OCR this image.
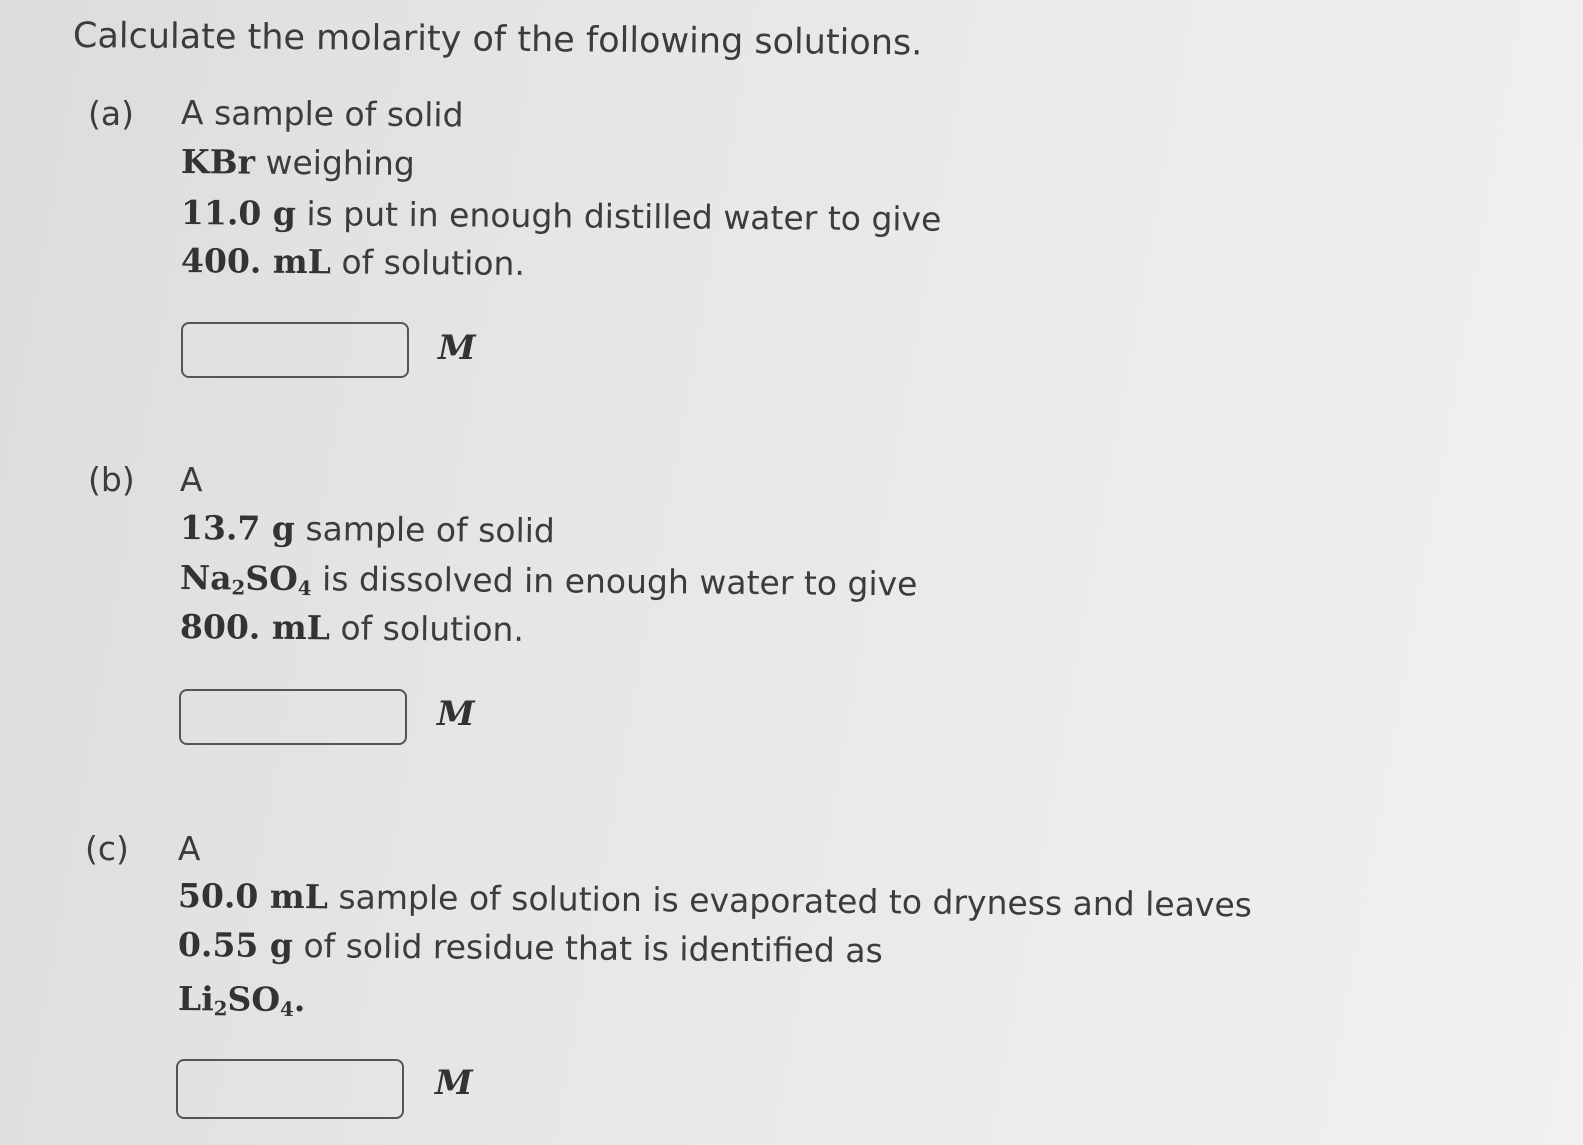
Calculate the molarity of the following solutions.
(a) A sample of solid
KBr weighing
11.0 g is put in enough distilled water to give
400. mL of solution.
M
(b) A
13.7 g sample of solid
$Na_2SO_4$ is dissolved in enough water to give
800. mL of solution.
M
(c) A
50.0 mL sample of solution is evaporated to dryness and leaves
0.55 g of solid residue that is identified as
$Li_2SO_4$.
M
